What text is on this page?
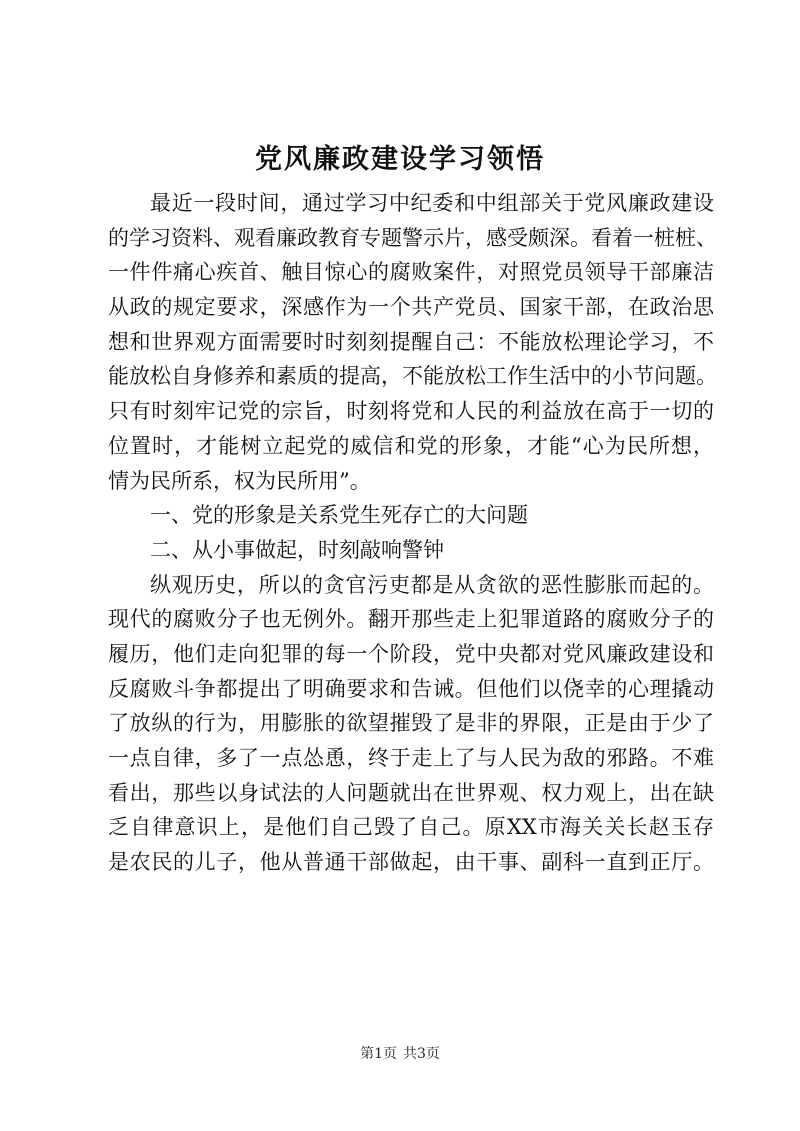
党风廉政建设学习领悟
最近一段时间，通过学习中纪委和中组部关于党风廉政建设
的学习资料、观看廉政教育专题警示片，感受颇深。看着一桩桩、
一件件痛心疾首、触目惊心的腐败案件，对照党员领导干部廉洁
从政的规定要求，深感作为一个共产党员、国家干部，在政治思
想和世界观方面需要时时刻刻提醒自己：不能放松理论学习，不
能放松自身修养和素质的提高，不能放松工作生活中的小节问题。
只有时刻牢记党的宗旨，时刻将党和人民的利益放在高于一切的
位置时，才能树立起党的威信和党的形象，才能“心为民所想，
情为民所系，权为民所用”。
一、党的形象是关系党生死存亡的大问题
二、从小事做起，时刻敲响警钟
纵观历史，所以的贪官污吏都是从贪欲的恶性膨胀而起的。
现代的腐败分子也无例外。翻开那些走上犯罪道路的腐败分子的
履历，他们走向犯罪的每一个阶段，党中央都对党风廉政建设和
反腐败斗争都提出了明确要求和告诫。但他们以侥幸的心理撬动
了放纵的行为，用膨胀的欲望摧毁了是非的界限，正是由于少了
一点自律，多了一点怂恿，终于走上了与人民为敌的邪路。不难
看出，那些以身试法的人问题就出在世界观、权力观上，出在缺
乏自律意识上，是他们自己毁了自己。原XX市海关关长赵玉存
是农民的儿子，他从普通干部做起，由干事、副科一直到正厅。
第1页 共3页
